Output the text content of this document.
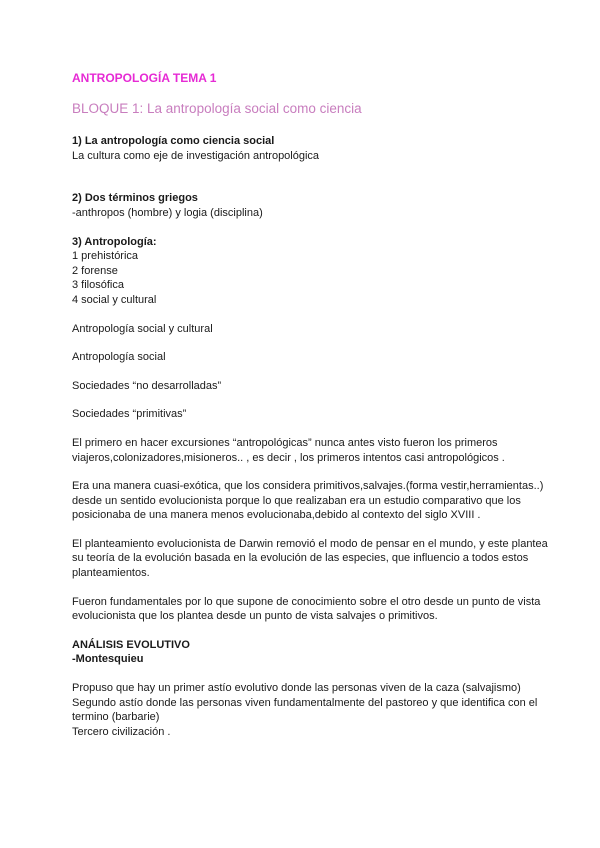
ANTROPOLOGÍA TEMA 1
BLOQUE 1: La antropología social como ciencia
1) La antropología como ciencia social
La cultura como eje de investigación antropológica
2) Dos términos griegos
-anthropos (hombre) y logia (disciplina)
3) Antropología:
1 prehistórica
2 forense
3 filosófica
4 social y cultural

Antropología social y cultural

Antropología social

Sociedades “no desarrolladas”

Sociedades “primitivas”

El primero en hacer excursiones “antropológicas” nunca antes visto fueron los primeros viajeros,colonizadores,misioneros.. , es decir , los primeros intentos casi antropológicos .

Era una manera cuasi-exótica, que los considera primitivos,salvajes.(forma vestir,herramientas..) desde un sentido evolucionista porque lo que realizaban era un estudio comparativo que los posicionaba de una manera menos evolucionaba,debido al contexto del siglo XVIII .

El planteamiento evolucionista de Darwin removió el modo de pensar en el mundo, y este plantea su teoría de la evolución basada en la evolución de las especies, que influencio a todos estos planteamientos.

Fueron fundamentales por lo que supone de conocimiento sobre el otro desde un punto de vista evolucionista que los plantea desde un punto de vista salvajes o primitivos.

ANÁLISIS EVOLUTIVO
-Montesquieu
Propuso que hay un primer astío evolutivo donde las personas viven de la caza (salvajismo)
Segundo astío donde las personas viven fundamentalmente del pastoreo y que identifica con el termino (barbarie)
Tercero civilización .
